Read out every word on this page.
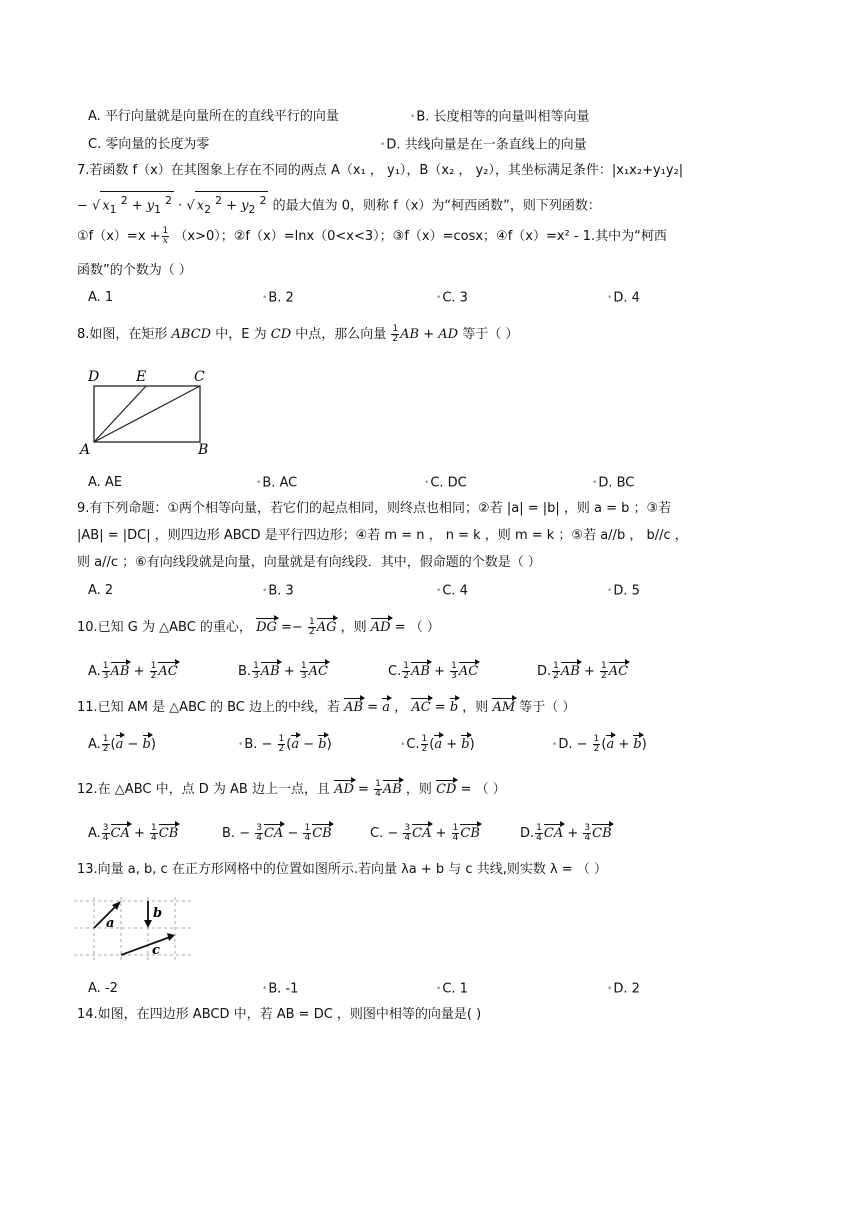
A. 平行向量就是向量所在的直线平行的向量	•B. 长度相等的向量叫相等向量
C. 零向量的长度为零	•D. 共线向量是在一条直线上的向量
7.若函数 f（x）在其图象上存在不同的两点 A（x₁ ， y₁），B（x₂ ， y₂），其坐标满足条件：|x₁x₂+y₁y₂|
− √ $x_1$ $^2 + y_1$ $^2$ · √ $x_2$ $^2 + y_2$ $^2$ 的最大值为 0，则称 f（x）为“柯西函数”，则下列函数：
①f（x）=x + $\frac{1}{x} (x>0)$；②f（x）=lnx（0<x<3）；③f（x）=cosx；④f（x）=x² - 1.其中为“柯西
函数”的个数为（ ）
A. 1	•B. 2	•C. 3	•D. 4
8.如图，在矩形 ABCD 中，E 为 CD 中点，那么向量 $\frac{1}{2}$ AB + AD 等于（ ）
D	E	C
A	B
A. AE	•B. AC	•C. DC	•D. BC
9.有下列命题：①两个相等向量，若它们的起点相同，则终点也相同；②若 |a| = |b| ，则 a = b ；③若
|AB| = |DC| ，则四边形 ABCD 是平行四边形；④若 m = n ， n = k ，则 m = k ；⑤若 a//b ， b//c ，
则 a//c ；⑥有向线段就是向量，向量就是有向线段．其中，假命题的个数是（ ）
A. 2	•B. 3	•C. 4	•D. 5
10.已知 G 为 △ABC 的重心， DG =− $\frac{1}{2}$ AG ，则 AD = （ ）
A. $\frac{1}{3}$ AB + $\frac{1}{2}$ AC	B. $\frac{1}{3}$ AB + $\frac{1}{3}$ AC	C. $\frac{1}{2}$ AB + $\frac{1}{3}$ AC	D. $\frac{1}{2}$ AB + $\frac{1}{2}$ AC
11.已知 AM 是 △ABC 的 BC 边上的中线，若 AB = a ， AC = b ，则 AM 等于（ ）
A. $\frac{1}{2} (a - b)$	•B. − $\frac{1}{2} (a - b)$	•C. $\frac{1}{2} (a + b)$	•D. − $\frac{1}{2} (a + b)$
12.在 △ABC 中，点 D 为 AB 边上一点，且 AD = $\frac{1}{4}$ AB ，则 CD = （ ）
A. $\frac{3}{4}$ CA + $\frac{1}{4}$ CB	B. − $\frac{3}{4}$ CA − $\frac{1}{4}$ CB	C. − $\frac{3}{4}$ CA + $\frac{1}{4}$ CB	D. $\frac{1}{4}$ CA + $\frac{3}{4}$ CB
13.向量 a, b, c 在正方形网格中的位置如图所示.若向量 λa + b 与 c 共线,则实数 λ = （ ）
a
b
c
A. -2	•B. -1	•C. 1	•D. 2
14.如图，在四边形 ABCD 中，若 AB = DC ，则图中相等的向量是( )
